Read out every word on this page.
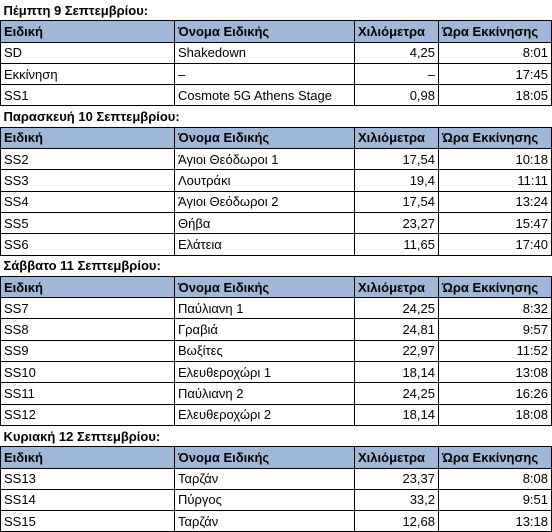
Πέμπτη 9 Σεπτεμβρίου:			
Ειδική	Όνομα Ειδικής	Χιλιόμετρα	Ώρα Εκκίνησης
SD	Shakedown	4,25	8:01
Εκκίνηση	–	–	17:45
SS1	Cosmote 5G Athens Stage	0,98	18:05
Παρασκευή 10 Σεπτεμβρίου:			
Ειδική	Όνομα Ειδικής	Χιλιόμετρα	Ώρα Εκκίνησης
SS2	Άγιοι Θεόδωροι 1	17,54	10:18
SS3	Λουτράκι	19,4	11:11
SS4	Άγιοι Θεόδωροι 2	17,54	13:24
SS5	Θήβα	23,27	15:47
SS6	Ελάτεια	11,65	17:40
Σάββατο 11 Σεπτεμβρίου:			
Ειδική	Όνομα Ειδικής	Χιλιόμετρα	Ώρα Εκκίνησης
SS7	Παύλιανη 1	24,25	8:32
SS8	Γραβιά	24,81	9:57
SS9	Βωξίτες	22,97	11:52
SS10	Ελευθεροχώρι 1	18,14	13:08
SS11	Παύλιανη 2	24,25	16:26
SS12	Ελευθεροχώρι 2	18,14	18:08
Κυριακή 12 Σεπτεμβρίου:			
Ειδική	Όνομα Ειδικής	Χιλιόμετρα	Ώρα Εκκίνησης
SS13	Ταρζάν	23,37	8:08
SS14	Πύργος	33,2	9:51
SS15	Ταρζάν	12,68	13:18
